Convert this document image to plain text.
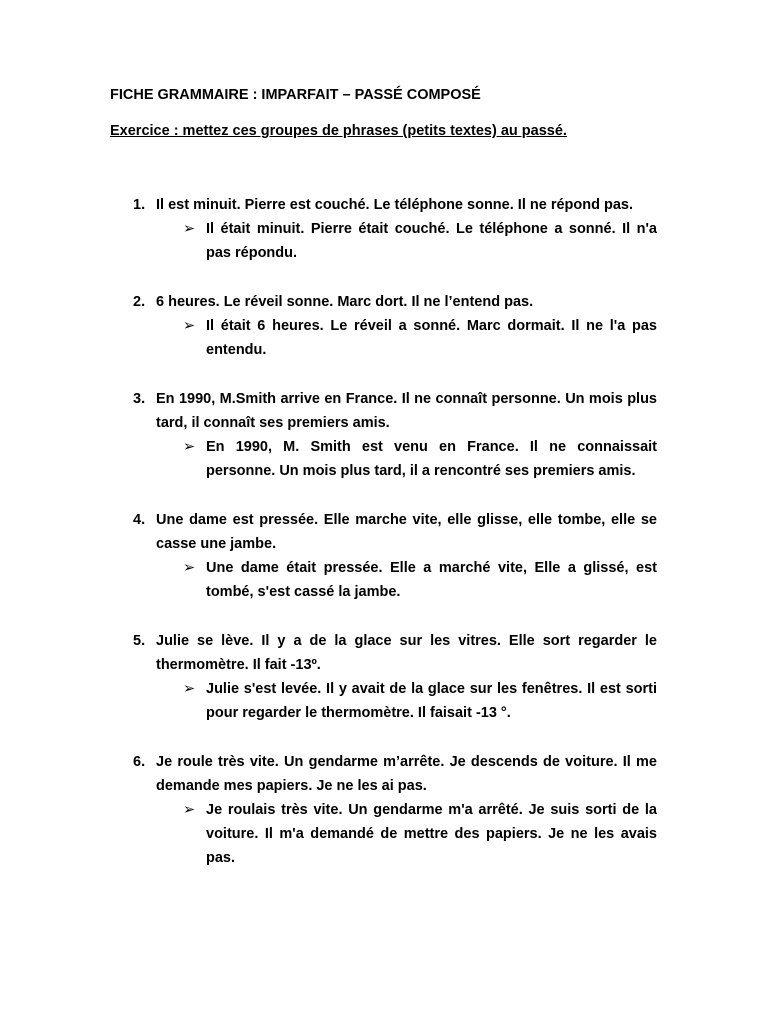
FICHE GRAMMAIRE : IMPARFAIT – PASSÉ COMPOSÉ
Exercice : mettez ces groupes de phrases (petits textes) au passé.
1. Il est minuit. Pierre est couché. Le téléphone sonne. Il ne répond pas.
➢ Il était minuit. Pierre était couché. Le téléphone a sonné. Il n'a pas répondu.
2. 6 heures. Le réveil sonne. Marc dort. Il ne l’entend pas.
➢ Il était 6 heures. Le réveil a sonné. Marc dormait. Il ne l'a pas entendu.
3. En 1990, M.Smith arrive en France. Il ne connaît personne. Un mois plus tard, il connaît ses premiers amis.
➢ En 1990, M. Smith est venu en France. Il ne connaissait personne. Un mois plus tard, il a rencontré ses premiers amis.
4. Une dame est pressée. Elle marche vite, elle glisse, elle tombe, elle se casse une jambe.
➢ Une dame était pressée. Elle a marché vite, Elle a glissé, est tombé, s'est cassé la jambe.
5. Julie se lève. Il y a de la glace sur les vitres. Elle sort regarder le thermomètre. Il fait -13º.
➢ Julie s'est levée. Il y avait de la glace sur les fenêtres. Il est sorti pour regarder le thermomètre. Il faisait -13 °.
6. Je roule très vite. Un gendarme m’arrête. Je descends de voiture. Il me demande mes papiers. Je ne les ai pas.
➢ Je roulais très vite. Un gendarme m'a arrêté. Je suis sorti de la voiture. Il m'a demandé de mettre des papiers. Je ne les avais pas.
